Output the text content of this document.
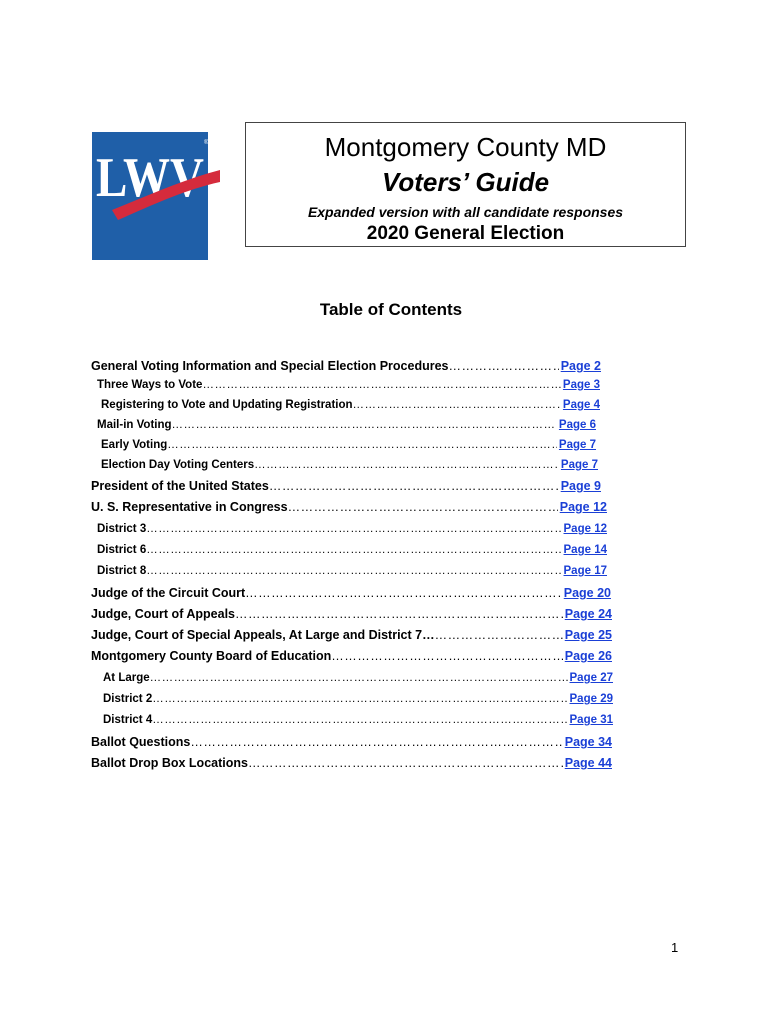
LWV
®	Montgomery County MD
Voters’ Guide
Expanded version with all candidate responses
2020 General Election
Table of Contents
General Voting Information and Special Election Procedures ……………………………………………………………………………………………………………………………………………………………………………………………………………………	Page 2
Three Ways to Vote ……………………………………………………………………………………………………………………………………………………………………………………………………………………	Page 3
Registering to Vote and Updating Registration ……………………………………………………………………………………………………………………………………………………………………………………………………………………	Page 4
Mail-in Voting ……………………………………………………………………………………………………………………………………………………………………………………………………………………	Page 6
Early Voting ……………………………………………………………………………………………………………………………………………………………………………………………………………………	Page 7
Election Day Voting Centers ……………………………………………………………………………………………………………………………………………………………………………………………………………………	Page 7
President of the United States ……………………………………………………………………………………………………………………………………………………………………………………………………………………	Page 9
U. S. Representative in Congress ……………………………………………………………………………………………………………………………………………………………………………………………………………………	Page 12
District 3 ……………………………………………………………………………………………………………………………………………………………………………………………………………………	Page 12
District 6 ……………………………………………………………………………………………………………………………………………………………………………………………………………………	Page 14
District 8 ……………………………………………………………………………………………………………………………………………………………………………………………………………………	Page 17
Judge of the Circuit Court ……………………………………………………………………………………………………………………………………………………………………………………………………………………	Page 20
Judge, Court of Appeals ……………………………………………………………………………………………………………………………………………………………………………………………………………………	Page 24
Judge, Court of Special Appeals, At Large and District 7… ……………………………………………………………………………………………………………………………………………………………………………………………………………………	Page 25
Montgomery County Board of Education ……………………………………………………………………………………………………………………………………………………………………………………………………………………	Page 26
At Large ……………………………………………………………………………………………………………………………………………………………………………………………………………………	Page 27
District 2 ……………………………………………………………………………………………………………………………………………………………………………………………………………………	Page 29
District 4 ……………………………………………………………………………………………………………………………………………………………………………………………………………………	Page 31
Ballot Questions ……………………………………………………………………………………………………………………………………………………………………………………………………………………	Page 34
Ballot Drop Box Locations ……………………………………………………………………………………………………………………………………………………………………………………………………………………	Page 44
1
